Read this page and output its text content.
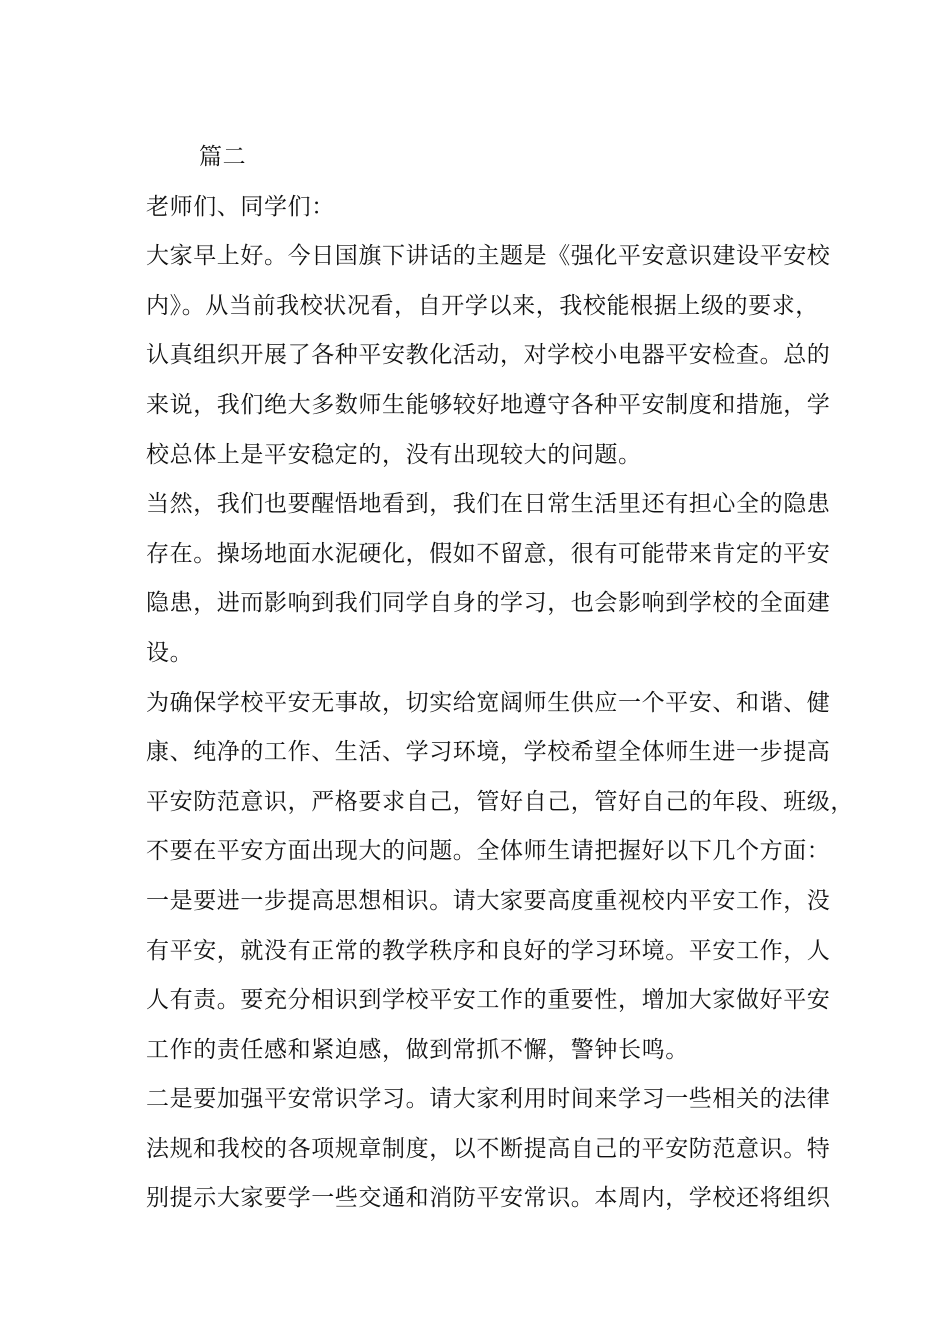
篇二
老师们、同学们：
大家早上好。今日国旗下讲话的主题是《强化平安意识建设平安校
内》。从当前我校状况看，自开学以来，我校能根据上级的要求，
认真组织开展了各种平安教化活动，对学校小电器平安检查。总的
来说，我们绝大多数师生能够较好地遵守各种平安制度和措施，学
校总体上是平安稳定的，没有出现较大的问题。
当然，我们也要醒悟地看到，我们在日常生活里还有担心全的隐患
存在。操场地面水泥硬化，假如不留意，很有可能带来肯定的平安
隐患，进而影响到我们同学自身的学习，也会影响到学校的全面建
设。
为确保学校平安无事故，切实给宽阔师生供应一个平安、和谐、健
康、纯净的工作、生活、学习环境，学校希望全体师生进一步提高
平安防范意识，严格要求自己，管好自己，管好自己的年段、班级，
不要在平安方面出现大的问题。全体师生请把握好以下几个方面：
一是要进一步提高思想相识。请大家要高度重视校内平安工作，没
有平安，就没有正常的教学秩序和良好的学习环境。平安工作，人
人有责。要充分相识到学校平安工作的重要性，增加大家做好平安
工作的责任感和紧迫感，做到常抓不懈，警钟长鸣。
二是要加强平安常识学习。请大家利用时间来学习一些相关的法律
法规和我校的各项规章制度，以不断提高自己的平安防范意识。特
别提示大家要学一些交通和消防平安常识。本周内，学校还将组织
